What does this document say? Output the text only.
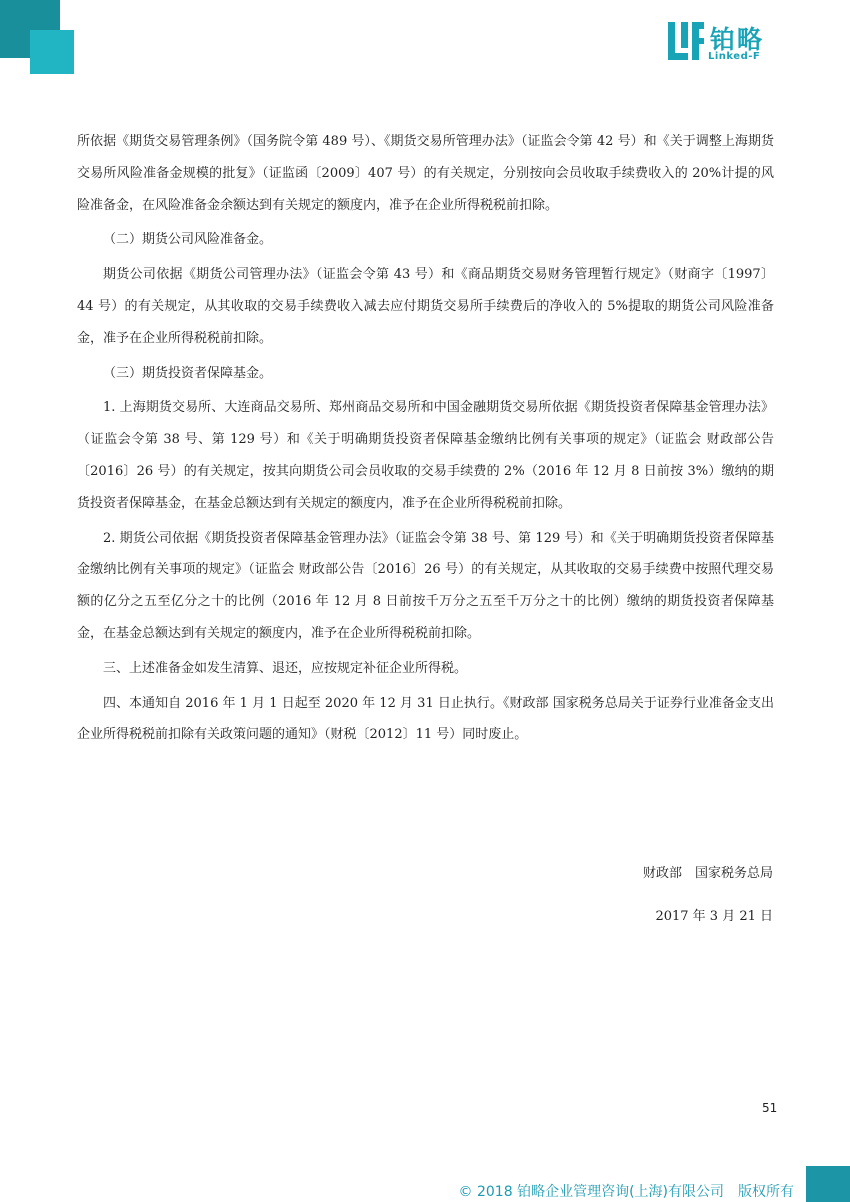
铂略
Linked-F

所依据《期货交易管理条例》（国务院令第 489 号）、《期货交易所管理办法》（证监会令第 42 号）和《关于调整上海期货交易所风险准备金规模的批复》（证监函〔2009〕407 号）的有关规定，分别按向会员收取手续费收入的 20%计提的风险准备金，在风险准备金余额达到有关规定的额度内，准予在企业所得税税前扣除。

（二）期货公司风险准备金。

期货公司依据《期货公司管理办法》（证监会令第 43 号）和《商品期货交易财务管理暂行规定》（财商字〔1997〕44 号）的有关规定，从其收取的交易手续费收入减去应付期货交易所手续费后的净收入的 5%提取的期货公司风险准备金，准予在企业所得税税前扣除。

（三）期货投资者保障基金。

1. 上海期货交易所、大连商品交易所、郑州商品交易所和中国金融期货交易所依据《期货投资者保障基金管理办法》（证监会令第 38 号、第 129 号）和《关于明确期货投资者保障基金缴纳比例有关事项的规定》（证监会 财政部公告〔2016〕26 号）的有关规定，按其向期货公司会员收取的交易手续费的 2%（2016 年 12 月 8 日前按 3%）缴纳的期货投资者保障基金，在基金总额达到有关规定的额度内，准予在企业所得税税前扣除。

2. 期货公司依据《期货投资者保障基金管理办法》（证监会令第 38 号、第 129 号）和《关于明确期货投资者保障基金缴纳比例有关事项的规定》（证监会 财政部公告〔2016〕26 号）的有关规定，从其收取的交易手续费中按照代理交易额的亿分之五至亿分之十的比例（2016 年 12 月 8 日前按千万分之五至千万分之十的比例）缴纳的期货投资者保障基金，在基金总额达到有关规定的额度内，准予在企业所得税税前扣除。

三、上述准备金如发生清算、退还，应按规定补征企业所得税。

四、本通知自 2016 年 1 月 1 日起至 2020 年 12 月 31 日止执行。《财政部 国家税务总局关于证券行业准备金支出企业所得税税前扣除有关政策问题的通知》（财税〔2012〕11 号）同时废止。

财政部　国家税务总局
2017 年 3 月 21 日
51
© 2018 铂略企业管理咨询(上海)有限公司　版权所有
